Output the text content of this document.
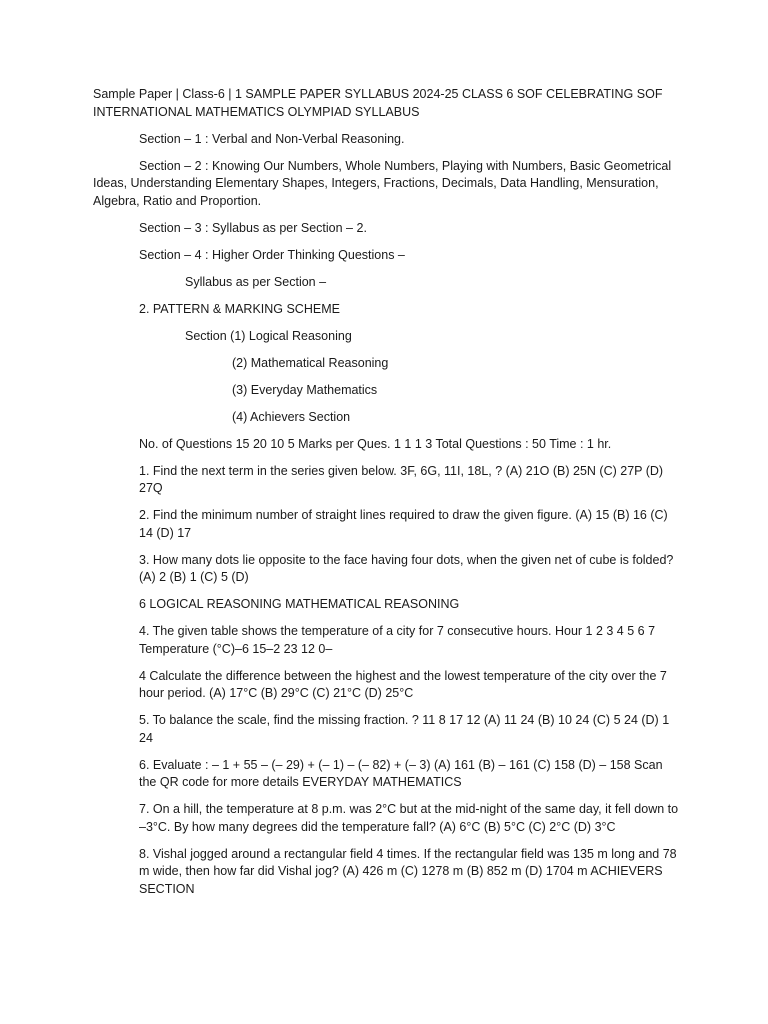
Sample Paper | Class-6 | 1 SAMPLE PAPER SYLLABUS 2024-25 CLASS 6 SOF CELEBRATING SOF INTERNATIONAL MATHEMATICS OLYMPIAD SYLLABUS

Section – 1 : Verbal and Non-Verbal Reasoning.

Section – 2 : Knowing Our Numbers, Whole Numbers, Playing with Numbers, Basic Geometrical Ideas, Understanding Elementary Shapes, Integers, Fractions, Decimals, Data Handling, Mensuration, Algebra, Ratio and Proportion.

Section – 3 : Syllabus as per Section – 2.

Section – 4 : Higher Order Thinking Questions –

Syllabus as per Section –

2. PATTERN & MARKING SCHEME

Section (1) Logical Reasoning

(2) Mathematical Reasoning

(3) Everyday Mathematics

(4) Achievers Section

No. of Questions 15 20 10 5 Marks per Ques. 1 1 1 3 Total Questions : 50 Time : 1 hr.

1. Find the next term in the series given below. 3F, 6G, 11I, 18L, ? (A) 21O (B) 25N (C) 27P (D) 27Q

2. Find the minimum number of straight lines required to draw the given figure. (A) 15 (B) 16 (C) 14 (D) 17

3. How many dots lie opposite to the face having four dots, when the given net of cube is folded? (A) 2 (B) 1 (C) 5 (D)

6 LOGICAL REASONING MATHEMATICAL REASONING

4. The given table shows the temperature of a city for 7 consecutive hours. Hour 1 2 3 4 5 6 7 Temperature (°C)–6 15–2 23 12 0–

4 Calculate the difference between the highest and the lowest temperature of the city over the 7 hour period. (A) 17°C (B) 29°C (C) 21°C (D) 25°C

5. To balance the scale, find the missing fraction. ? 11 8 17 12 (A) 11 24 (B) 10 24 (C) 5 24 (D) 1 24

6. Evaluate : – 1 + 55 – (– 29) + (– 1) – (– 82) + (– 3) (A) 161 (B) – 161 (C) 158 (D) – 158 Scan the QR code for more details EVERYDAY MATHEMATICS

7. On a hill, the temperature at 8 p.m. was 2°C but at the mid-night of the same day, it fell down to –3°C. By how many degrees did the temperature fall? (A) 6°C (B) 5°C (C) 2°C (D) 3°C

8. Vishal jogged around a rectangular field 4 times. If the rectangular field was 135 m long and 78 m wide, then how far did Vishal jog? (A) 426 m (C) 1278 m (B) 852 m (D) 1704 m ACHIEVERS SECTION
